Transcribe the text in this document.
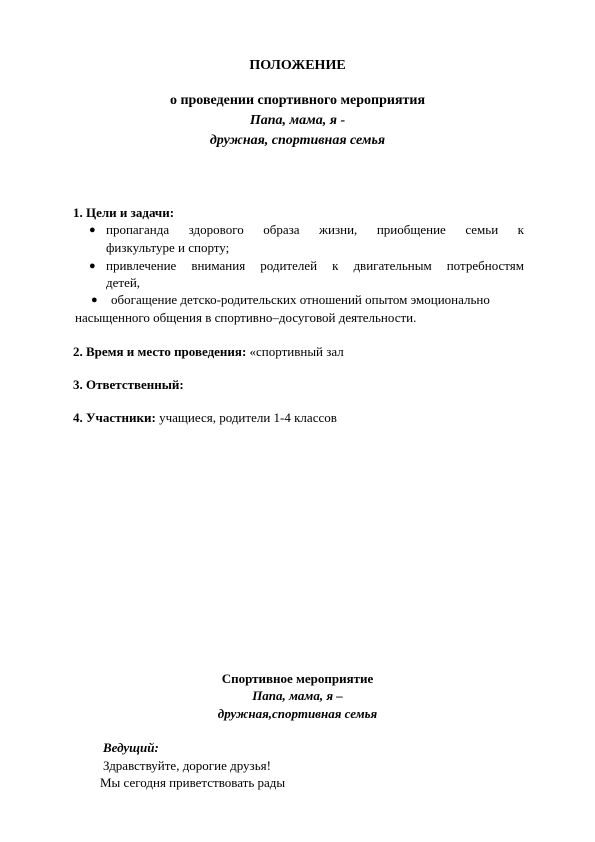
ПОЛОЖЕНИЕ
о проведении спортивного мероприятия
Папа, мама, я -
дружная, спортивная семья
1. Цели и задачи:
● пропаганда здорового образа жизни, приобщение семьи к
физкультуре и спорту;
● привлечение внимания родителей к двигательным потребностям
детей,
● обогащение детско-родительских отношений опытом эмоционально
насыщенного общения в спортивно–досуговой деятельности.
2. Время и место проведения: «спортивный зал
3. Ответственный:
4. Участники: учащиеся, родители 1-4 классов
Спортивное мероприятие
Папа, мама, я –
дружная,спортивная семья
Ведущий:
Здравствуйте, дорогие друзья!
Мы сегодня приветствовать рады
